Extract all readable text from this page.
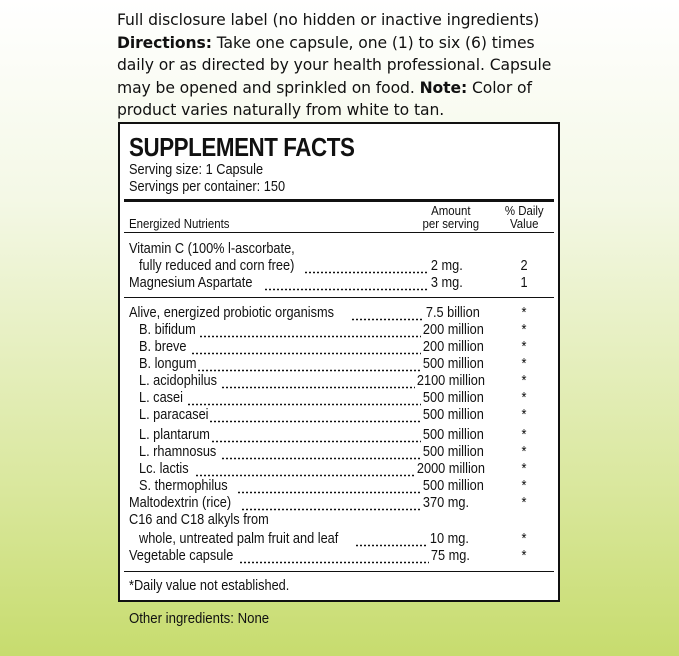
Full disclosure label (no hidden or inactive ingredients)
Directions: Take one capsule, one (1) to six (6) times daily or as directed by your health professional. Capsule may be opened and sprinkled on food. Note: Color of product varies naturally from white to tan.
SUPPLEMENT FACTS
Serving size: 1 Capsule
Servings per container: 150
Energized Nutrients
Amount
per serving
% Daily
Value
Vitamin C (100% l-ascorbate,
fully reduced and corn free)	2 mg.	2
Magnesium Aspartate	3 mg.	1
Alive, energized probiotic organisms	7.5 billion	*
B. bifidum	200 million	*
B. breve	200 million	*
B. longum	500 million	*
L. acidophilus	2100 million	*
L. casei	500 million	*
L. paracasei	500 million	*
L. plantarum	500 million	*
L. rhamnosus	500 million	*
Lc. lactis	2000 million	*
S. thermophilus	500 million	*
Maltodextrin (rice)	370 mg.	*
C16 and C18 alkyls from
whole, untreated palm fruit and leaf	10 mg.	*
Vegetable capsule	75 mg.	*
*Daily value not established.
Other ingredients: None
